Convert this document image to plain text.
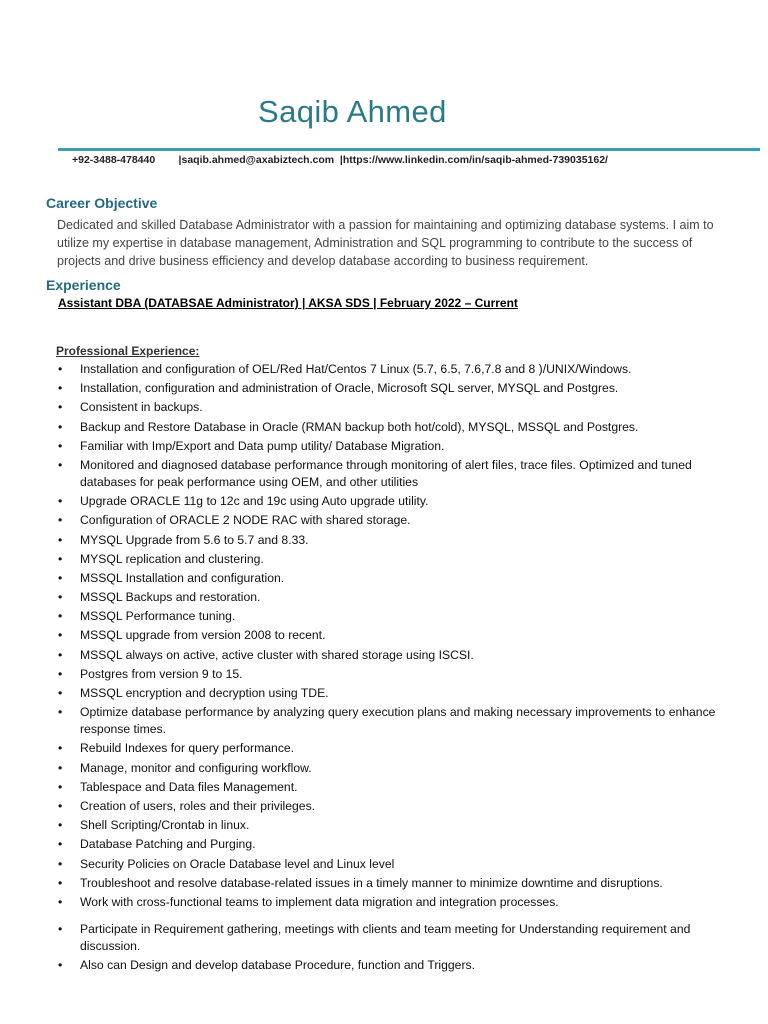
Saqib Ahmed
+92-3488-478440        |saqib.ahmed@axabiztech.com  |https://www.linkedin.com/in/saqib-ahmed-739035162/
Career Objective
Dedicated and skilled Database Administrator with a passion for maintaining and optimizing database systems. I aim to utilize my expertise in database management, Administration and SQL programming to contribute to the success of projects and drive business efficiency and develop database according to business requirement.
Experience
Assistant DBA (DATABSAE Administrator) | AKSA SDS | February 2022 – Current
Professional Experience:
• Installation and configuration of OEL/Red Hat/Centos 7 Linux (5.7, 6.5, 7.6,7.8 and 8 )/UNIX/Windows.
• Installation, configuration and administration of Oracle, Microsoft SQL server, MYSQL and Postgres.
• Consistent in backups.
• Backup and Restore Database in Oracle (RMAN backup both hot/cold), MYSQL, MSSQL and Postgres.
• Familiar with Imp/Export and Data pump utility/ Database Migration.
• Monitored and diagnosed database performance through monitoring of alert files, trace files. Optimized and tuned databases for peak performance using OEM, and other utilities
• Upgrade ORACLE 11g to 12c and 19c using Auto upgrade utility.
• Configuration of ORACLE 2 NODE RAC with shared storage.
• MYSQL Upgrade from 5.6 to 5.7 and 8.33.
• MYSQL replication and clustering.
• MSSQL Installation and configuration.
• MSSQL Backups and restoration.
• MSSQL Performance tuning.
• MSSQL upgrade from version 2008 to recent.
• MSSQL always on active, active cluster with shared storage using ISCSI.
• Postgres from version 9 to 15.
• MSSQL encryption and decryption using TDE.
• Optimize database performance by analyzing query execution plans and making necessary improvements to enhance response times.
• Rebuild Indexes for query performance.
• Manage, monitor and configuring workflow.
• Tablespace and Data files Management.
• Creation of users, roles and their privileges.
• Shell Scripting/Crontab in linux.
• Database Patching and Purging.
• Security Policies on Oracle Database level and Linux level
• Troubleshoot and resolve database-related issues in a timely manner to minimize downtime and disruptions.
• Work with cross-functional teams to implement data migration and integration processes.
• Participate in Requirement gathering, meetings with clients and team meeting for Understanding requirement and discussion.
• Also can Design and develop database Procedure, function and Triggers.
